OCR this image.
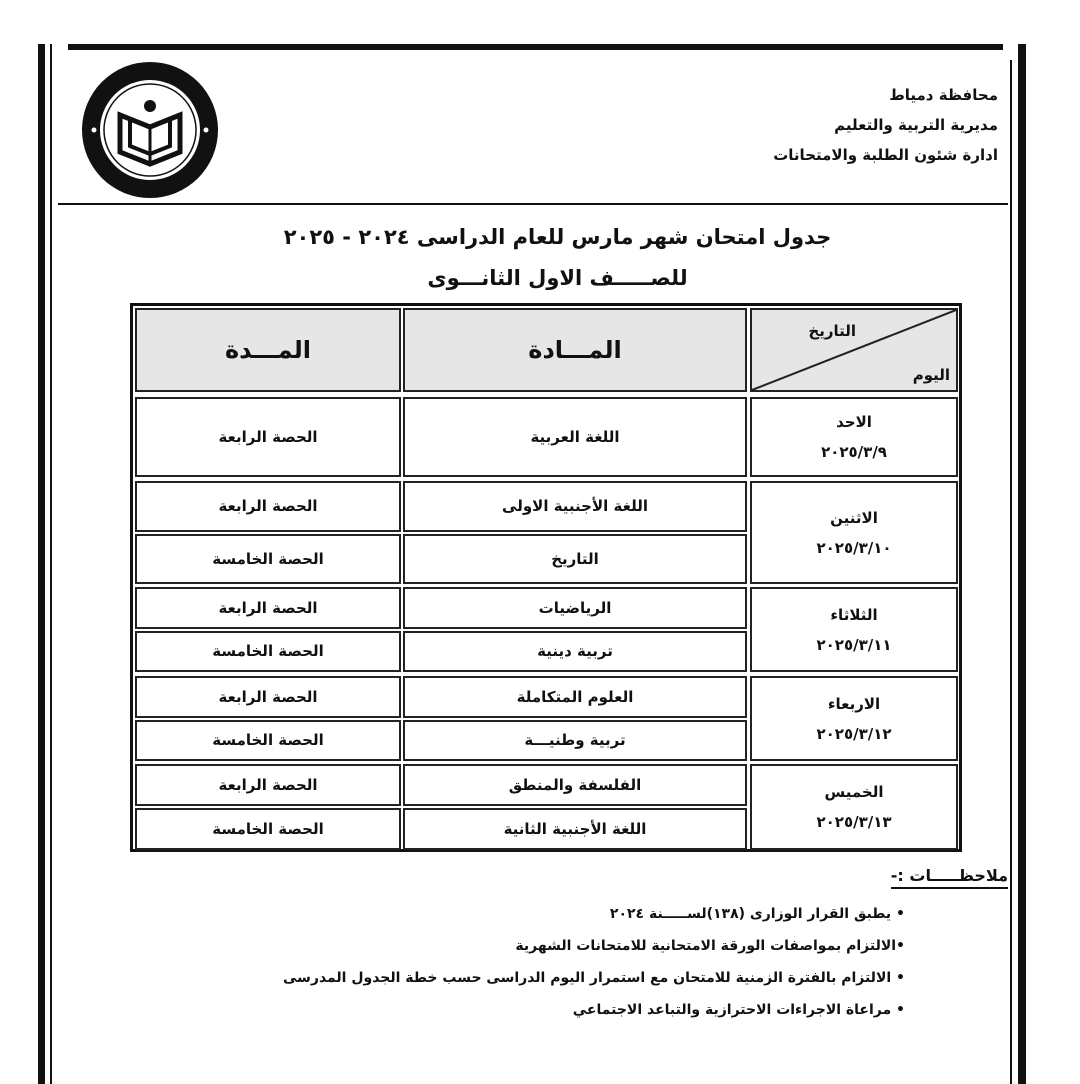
محافظة دمياط
مديرية التربية والتعليم
ادارة شئون الطلبة والامتحانات
جدول امتحان شهر مارس للعام الدراسى ٢٠٢٤ - ٢٠٢٥
للصـــــف الاول الثانـــوى
المـــدة	المـــادة
التاريخ
اليوم
الاحد
٢٠٢٥/٣/٩
اللغة العربية
الحصة الرابعة
الاثنين
٢٠٢٥/٣/١٠
اللغة الأجنبية الاولى
الحصة الرابعة
التاريخ
الحصة الخامسة
الثلاثاء
٢٠٢٥/٣/١١
الرياضيات
الحصة الرابعة
تربية دينية
الحصة الخامسة
الاربعاء
٢٠٢٥/٣/١٢
العلوم المتكاملة
الحصة الرابعة
تربية وطنيـــة
الحصة الخامسة
الخميس
٢٠٢٥/٣/١٣
الفلسفة والمنطق
الحصة الرابعة
اللغة الأجنبية الثانية
الحصة الخامسة
ملاحظـــــات :-
• يطبق القرار الوزارى (١٣٨)لســـــنة ٢٠٢٤
•الالتزام بمواصفات الورقة الامتحانية للامتحانات الشهرية
• الالتزام بالفترة الزمنية للامتحان مع استمرار اليوم الدراسى حسب خطة الجدول المدرسى
• مراعاة الاجراءات الاحترازية والتباعد الاجتماعي
